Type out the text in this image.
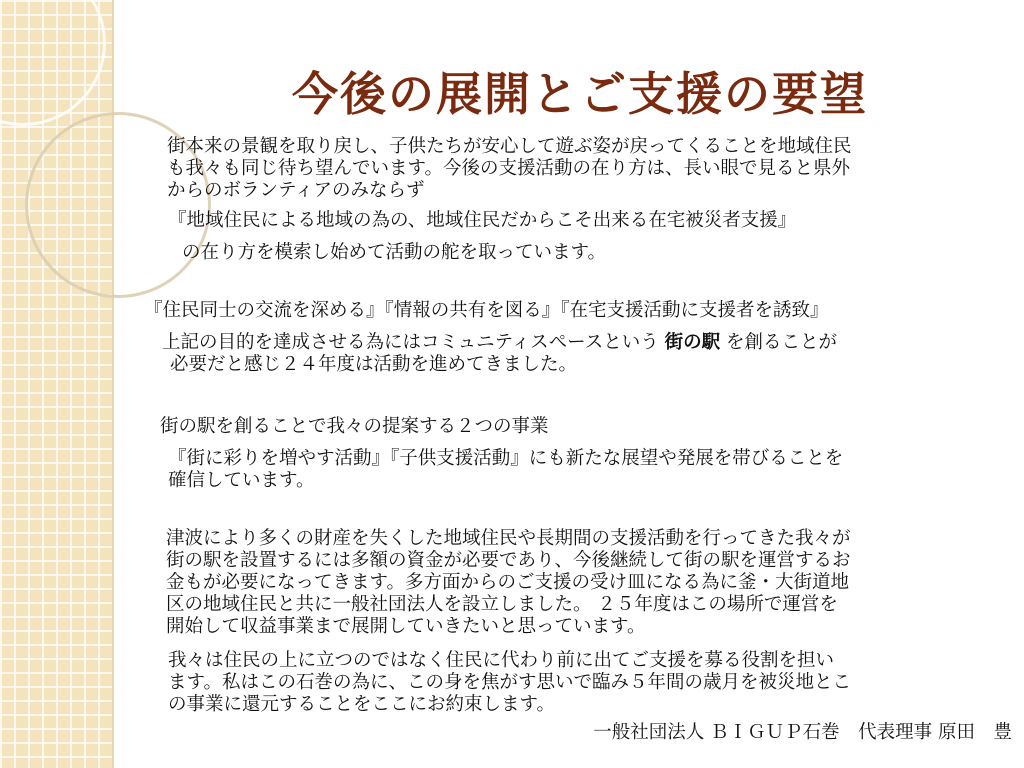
今後の展開とご支援の要望

街本来の景観を取り戻し、子供たちが安心して遊ぶ姿が戻ってくることを地域住民
も我々も同じ待ち望んでいます。今後の支援活動の在り方は、長い眼で見ると県外
からのボランティアのみならず

『地域住民による地域の為の、地域住民だからこそ出来る在宅被災者支援』

の在り方を模索し始めて活動の舵を取っています。

『住民同士の交流を深める』『情報の共有を図る』『在宅支援活動に支援者を誘致』

上記の目的を達成させる為にはコミュニティスペースという 街の駅 を創ることが

必要だと感じ２４年度は活動を進めてきました。

街の駅を創ることで我々の提案する２つの事業

『街に彩りを増やす活動』『子供支援活動』にも新たな展望や発展を帯びることを
確信しています。

津波により多くの財産を失くした地域住民や長期間の支援活動を行ってきた我々が
街の駅を設置するには多額の資金が必要であり、今後継続して街の駅を運営するお
金もが必要になってきます。多方面からのご支援の受け皿になる為に釜・大街道地
区の地域住民と共に一般社団法人を設立しました。 ２５年度はこの場所で運営を
開始して収益事業まで展開していきたいと思っています。

我々は住民の上に立つのではなく住民に代わり前に出てご支援を募る役割を担い
ます。私はこの石巻の為に、この身を焦がす思いで臨み５年間の歳月を被災地とこ
の事業に還元することをここにお約束します。

一般社団法人 ＢＩＧＵＰ石巻　代表理事 原田　豊
